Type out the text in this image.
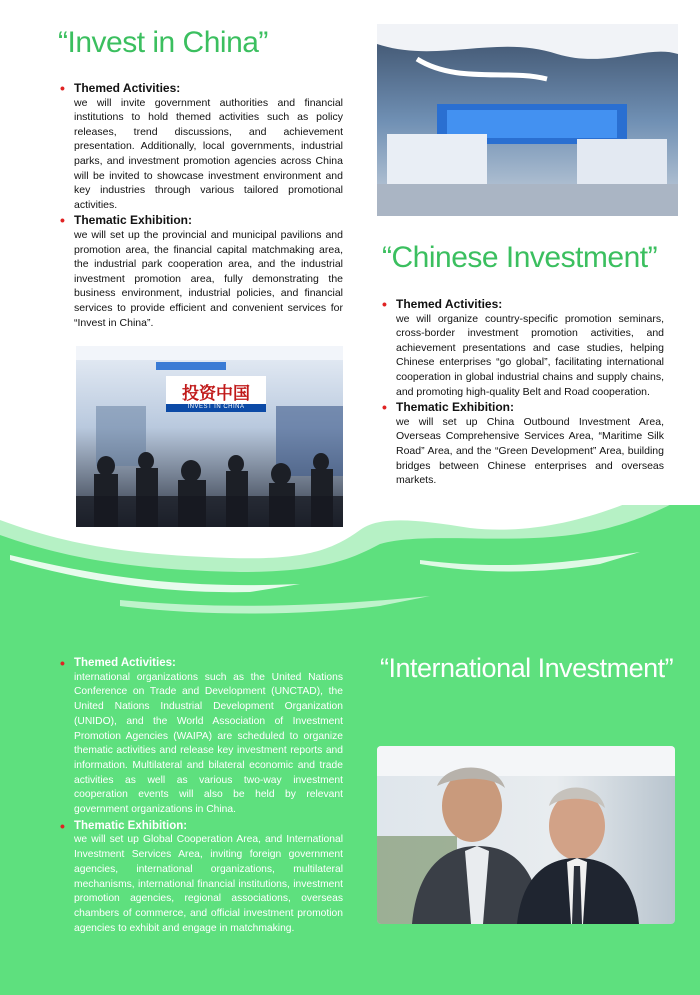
“Invest in China”
• Themed Activities:

we will invite government authorities and financial institutions to hold themed activities such as policy releases, trend discussions, and achievement presentation. Additionally, local governments, industrial parks, and investment promotion agencies across China will be invited to showcase investment environment and key industries through various tailored promotional activities.

• Thematic Exhibition:

we will set up the provincial and municipal pavilions and promotion area, the financial capital matchmaking area, the industrial park cooperation area, and the industrial investment promotion area, fully demonstrating the business environment, industrial policies, and financial services to provide efficient and convenient services for “Invest in China”.

投资中国
INVEST IN CHINA
“Chinese Investment”
• Themed Activities:

we will organize country-specific promotion seminars, cross-border investment promotion activities, and achievement presentations and case studies, helping Chinese enterprises “go global”, facilitating international cooperation in global industrial chains and supply chains, and promoting high-quality Belt and Road cooperation.

• Thematic Exhibition:

we will set up China Outbound Investment Area, Overseas Comprehensive Services Area, “Maritime Silk Road” Area, and the “Green Development” Area, building bridges between Chinese enterprises and overseas markets.

• Themed Activities:

international organizations such as the United Nations Conference on Trade and Development (UNCTAD), the United Nations Industrial Development Organization (UNIDO), and the World Association of Investment Promotion Agencies (WAIPA) are scheduled to organize thematic activities and release key investment reports and information. Multilateral and bilateral economic and trade activities as well as various two-way investment cooperation events will also be held by relevant government organizations in China.

• Thematic Exhibition:

we will set up Global Cooperation Area, and International Investment Services Area, inviting foreign government agencies, international organizations, multilateral mechanisms, international financial institutions, investment promotion agencies, regional associations, overseas chambers of commerce, and official investment promotion agencies to exhibit and engage in matchmaking.

“International Investment”
